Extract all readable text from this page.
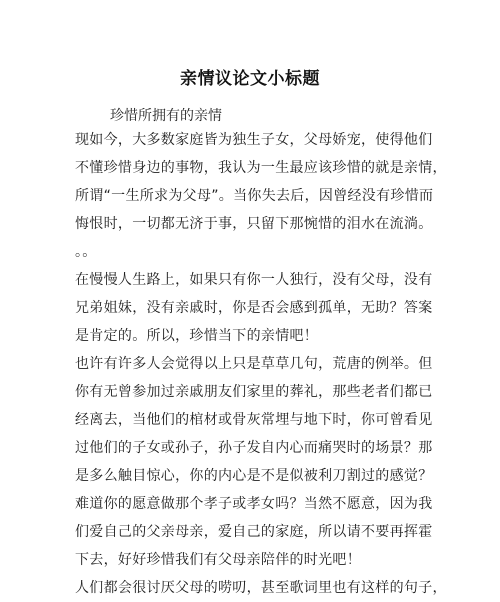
亲情议论文小标题
珍惜所拥有的亲情
现如今，大多数家庭皆为独生子女，父母娇宠，使得他们
不懂珍惜身边的事物，我认为一生最应该珍惜的就是亲情，
所谓“一生所求为父母”。当你失去后，因曾经没有珍惜而
悔恨时，一切都无济于事，只留下那惋惜的泪水在流淌。
。。
在慢慢人生路上，如果只有你一人独行，没有父母，没有
兄弟姐妹，没有亲戚时，你是否会感到孤单，无助？答案
是肯定的。所以，珍惜当下的亲情吧！
也许有许多人会觉得以上只是草草几句，荒唐的例举。但
你有无曾参加过亲戚朋友们家里的葬礼，那些老者们都已
经离去，当他们的棺材或骨灰常埋与地下时，你可曾看见
过他们的子女或孙子，孙子发自内心而痛哭时的场景？那
是多么触目惊心，你的内心是不是似被利刀割过的感觉？
难道你的愿意做那个孝子或孝女吗？当然不愿意，因为我
们爱自己的父亲母亲，爱自己的家庭，所以请不要再挥霍
下去，好好珍惜我们有父母亲陪伴的时光吧！
人们都会很讨厌父母的唠叨，甚至歌词里也有这样的句子，
